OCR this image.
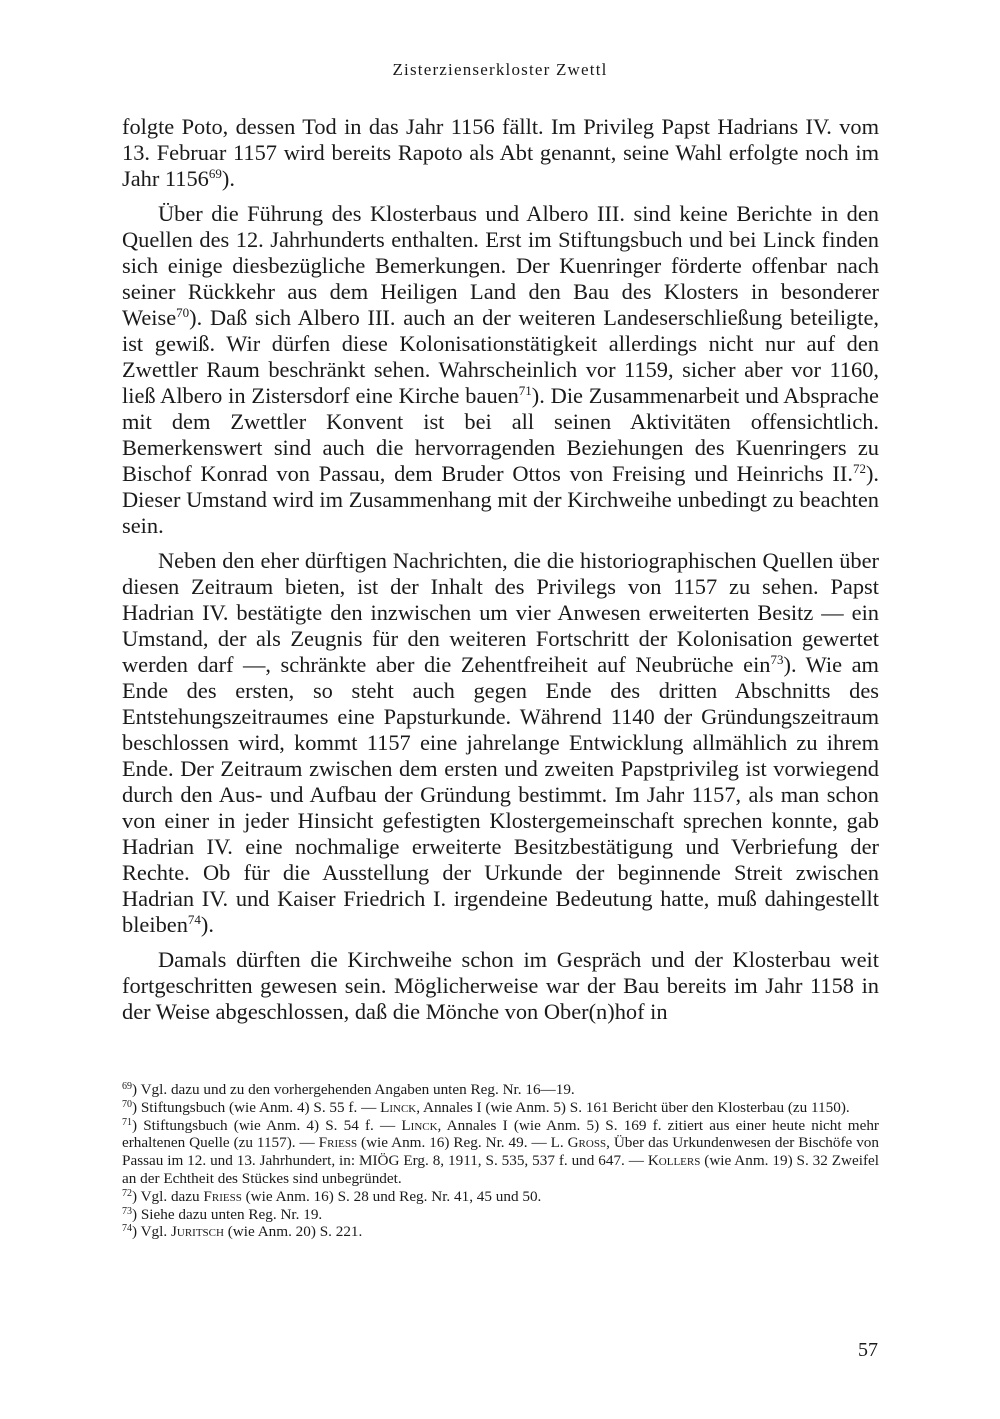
Zisterzienserkloster Zwettl

folgte Poto, dessen Tod in das Jahr 1156 fällt. Im Privileg Papst Hadrians IV. vom 13. Februar 1157 wird bereits Rapoto als Abt genannt, seine Wahl erfolgte noch im Jahr 1156$^{69}$).

Über die Führung des Klosterbaus und Albero III. sind keine Berichte in den Quellen des 12. Jahrhunderts enthalten. Erst im Stiftungsbuch und bei Linck finden sich einige diesbezügliche Bemerkungen. Der Kuenringer förderte offenbar nach seiner Rückkehr aus dem Heiligen Land den Bau des Klosters in besonderer Weise$^{70}$). Daß sich Albero III. auch an der weiteren Landeserschließung beteiligte, ist gewiß. Wir dürfen diese Kolonisationstätigkeit allerdings nicht nur auf den Zwettler Raum beschränkt sehen. Wahrscheinlich vor 1159, sicher aber vor 1160, ließ Albero in Zistersdorf eine Kirche bauen$^{71}$). Die Zusammenarbeit und Absprache mit dem Zwettler Konvent ist bei all seinen Aktivitäten offensichtlich. Bemerkenswert sind auch die hervorragenden Beziehungen des Kuenringers zu Bischof Konrad von Passau, dem Bruder Ottos von Freising und Heinrichs II.$^{72}$). Dieser Umstand wird im Zusammenhang mit der Kirchweihe unbedingt zu beachten sein.

Neben den eher dürftigen Nachrichten, die die historiographischen Quellen über diesen Zeitraum bieten, ist der Inhalt des Privilegs von 1157 zu sehen. Papst Hadrian IV. bestätigte den inzwischen um vier Anwesen erweiterten Besitz — ein Umstand, der als Zeugnis für den weiteren Fortschritt der Kolonisation gewertet werden darf —, schränkte aber die Zehentfreiheit auf Neubrüche ein$^{73}$). Wie am Ende des ersten, so steht auch gegen Ende des dritten Abschnitts des Entstehungszeitraumes eine Papsturkunde. Während 1140 der Gründungszeitraum beschlossen wird, kommt 1157 eine jahrelange Entwicklung allmählich zu ihrem Ende. Der Zeitraum zwischen dem ersten und zweiten Papstprivileg ist vorwiegend durch den Aus- und Aufbau der Gründung bestimmt. Im Jahr 1157, als man schon von einer in jeder Hinsicht gefestigten Klostergemeinschaft sprechen konnte, gab Hadrian IV. eine nochmalige erweiterte Besitzbestätigung und Verbriefung der Rechte. Ob für die Ausstellung der Urkunde der beginnende Streit zwischen Hadrian IV. und Kaiser Friedrich I. irgendeine Bedeutung hatte, muß dahingestellt bleiben$^{74}$).

Damals dürften die Kirchweihe schon im Gespräch und der Klosterbau weit fortgeschritten gewesen sein. Möglicherweise war der Bau bereits im Jahr 1158 in der Weise abgeschlossen, daß die Mönche von Ober(n)hof in

$^{69}$) Vgl. dazu und zu den vorhergehenden Angaben unten Reg. Nr. 16—19.

$^{70}$) Stiftungsbuch (wie Anm. 4) S. 55 f. — Linck, Annales I (wie Anm. 5) S. 161 Bericht über den Klosterbau (zu 1150).

$^{71}$) Stiftungsbuch (wie Anm. 4) S. 54 f. — Linck, Annales I (wie Anm. 5) S. 169 f. zitiert aus einer heute nicht mehr erhaltenen Quelle (zu 1157). — Friess (wie Anm. 16) Reg. Nr. 49. — L. Gross, Über das Urkundenwesen der Bischöfe von Passau im 12. und 13. Jahrhundert, in: MIÖG Erg. 8, 1911, S. 535, 537 f. und 647. — Kollers (wie Anm. 19) S. 32 Zweifel an der Echtheit des Stückes sind unbegründet.

$^{72}$) Vgl. dazu Friess (wie Anm. 16) S. 28 und Reg. Nr. 41, 45 und 50.

$^{73}$) Siehe dazu unten Reg. Nr. 19.

$^{74}$) Vgl. Juritsch (wie Anm. 20) S. 221.

57
